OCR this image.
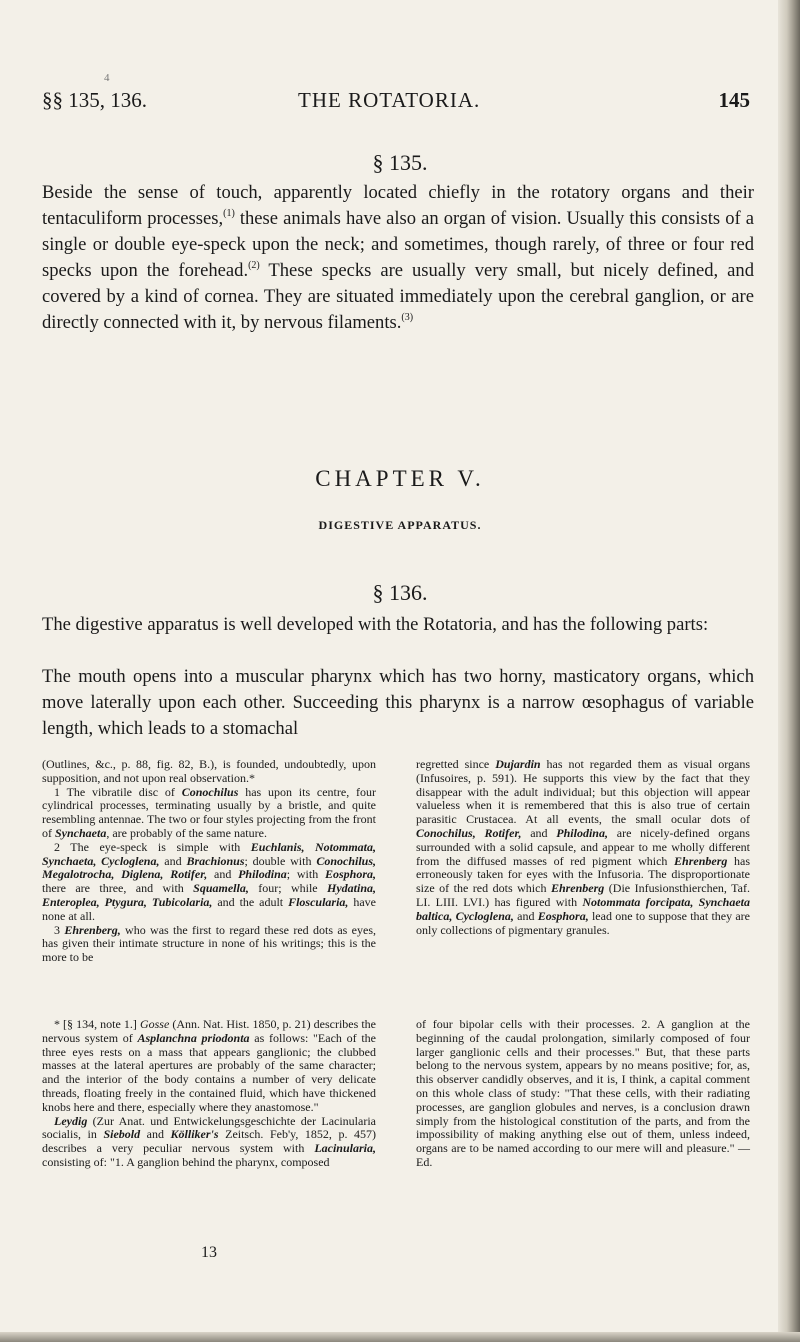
4
§§ 135, 136.	THE ROTATORIA.	145
§ 135.

Beside the sense of touch, apparently located chiefly in the rotatory organs and their tentaculiform processes,$^{(1)}$ these animals have also an organ of vision. Usually this consists of a single or double eye-speck upon the neck; and sometimes, though rarely, of three or four red specks upon the forehead.$^{(2)}$ These specks are usually very small, but nicely defined, and covered by a kind of cornea. They are situated immediately upon the cerebral ganglion, or are directly connected with it, by nervous filaments.$^{(3)}$

CHAPTER V.
DIGESTIVE APPARATUS.
§ 136.

The digestive apparatus is well developed with the Rotatoria, and has the following parts:

The mouth opens into a muscular pharynx which has two horny, masticatory organs, which move laterally upon each other. Succeeding this pharynx is a narrow œsophagus of variable length, which leads to a stomachal

(Outlines, &c., p. 88, fig. 82, B.), is founded, undoubtedly, upon supposition, and not upon real observation.*

1 The vibratile disc of Conochilus has upon its centre, four cylindrical processes, terminating usually by a bristle, and quite resembling antennae. The two or four styles projecting from the front of Synchaeta, are probably of the same nature.

2 The eye-speck is simple with Euchlanis, Notommata, Synchaeta, Cycloglena, and Brachionus; double with Conochilus, Megalotrocha, Diglena, Rotifer, and Philodina; with Eosphora, there are three, and with Squamella, four; while Hydatina, Enteroplea, Ptygura, Tubicolaria, and the adult Floscularia, have none at all.

3 Ehrenberg, who was the first to regard these red dots as eyes, has given their intimate structure in none of his writings; this is the more to be

regretted since Dujardin has not regarded them as visual organs (Infusoires, p. 591). He supports this view by the fact that they disappear with the adult individual; but this objection will appear valueless when it is remembered that this is also true of certain parasitic Crustacea. At all events, the small ocular dots of Conochilus, Rotifer, and Philodina, are nicely-defined organs surrounded with a solid capsule, and appear to me wholly different from the diffused masses of red pigment which Ehrenberg has erroneously taken for eyes with the Infusoria. The disproportionate size of the red dots which Ehrenberg (Die Infusionsthierchen, Taf. LI. LIII. LVI.) has figured with Notommata forcipata, Synchaeta baltica, Cycloglena, and Eosphora, lead one to suppose that they are only collections of pigmentary granules.

* [§ 134, note 1.] Gosse (Ann. Nat. Hist. 1850, p. 21) describes the nervous system of Asplanchna priodonta as follows: "Each of the three eyes rests on a mass that appears ganglionic; the clubbed masses at the lateral apertures are probably of the same character; and the interior of the body contains a number of very delicate threads, floating freely in the contained fluid, which have thickened knobs here and there, especially where they anastomose."

Leydig (Zur Anat. und Entwickelungsgeschichte der Lacinularia socialis, in Siebold and Kölliker's Zeitsch. Feb'y, 1852, p. 457) describes a very peculiar nervous system with Lacinularia, consisting of: "1. A ganglion behind the pharynx, composed

of four bipolar cells with their processes. 2. A ganglion at the beginning of the caudal prolongation, similarly composed of four larger ganglionic cells and their processes." But, that these parts belong to the nervous system, appears by no means positive; for, as, this observer candidly observes, and it is, I think, a capital comment on this whole class of study: "That these cells, with their radiating processes, are ganglion globules and nerves, is a conclusion drawn simply from the histological constitution of the parts, and from the impossibility of making anything else out of them, unless indeed, organs are to be named according to our mere will and pleasure." — Ed.

13
